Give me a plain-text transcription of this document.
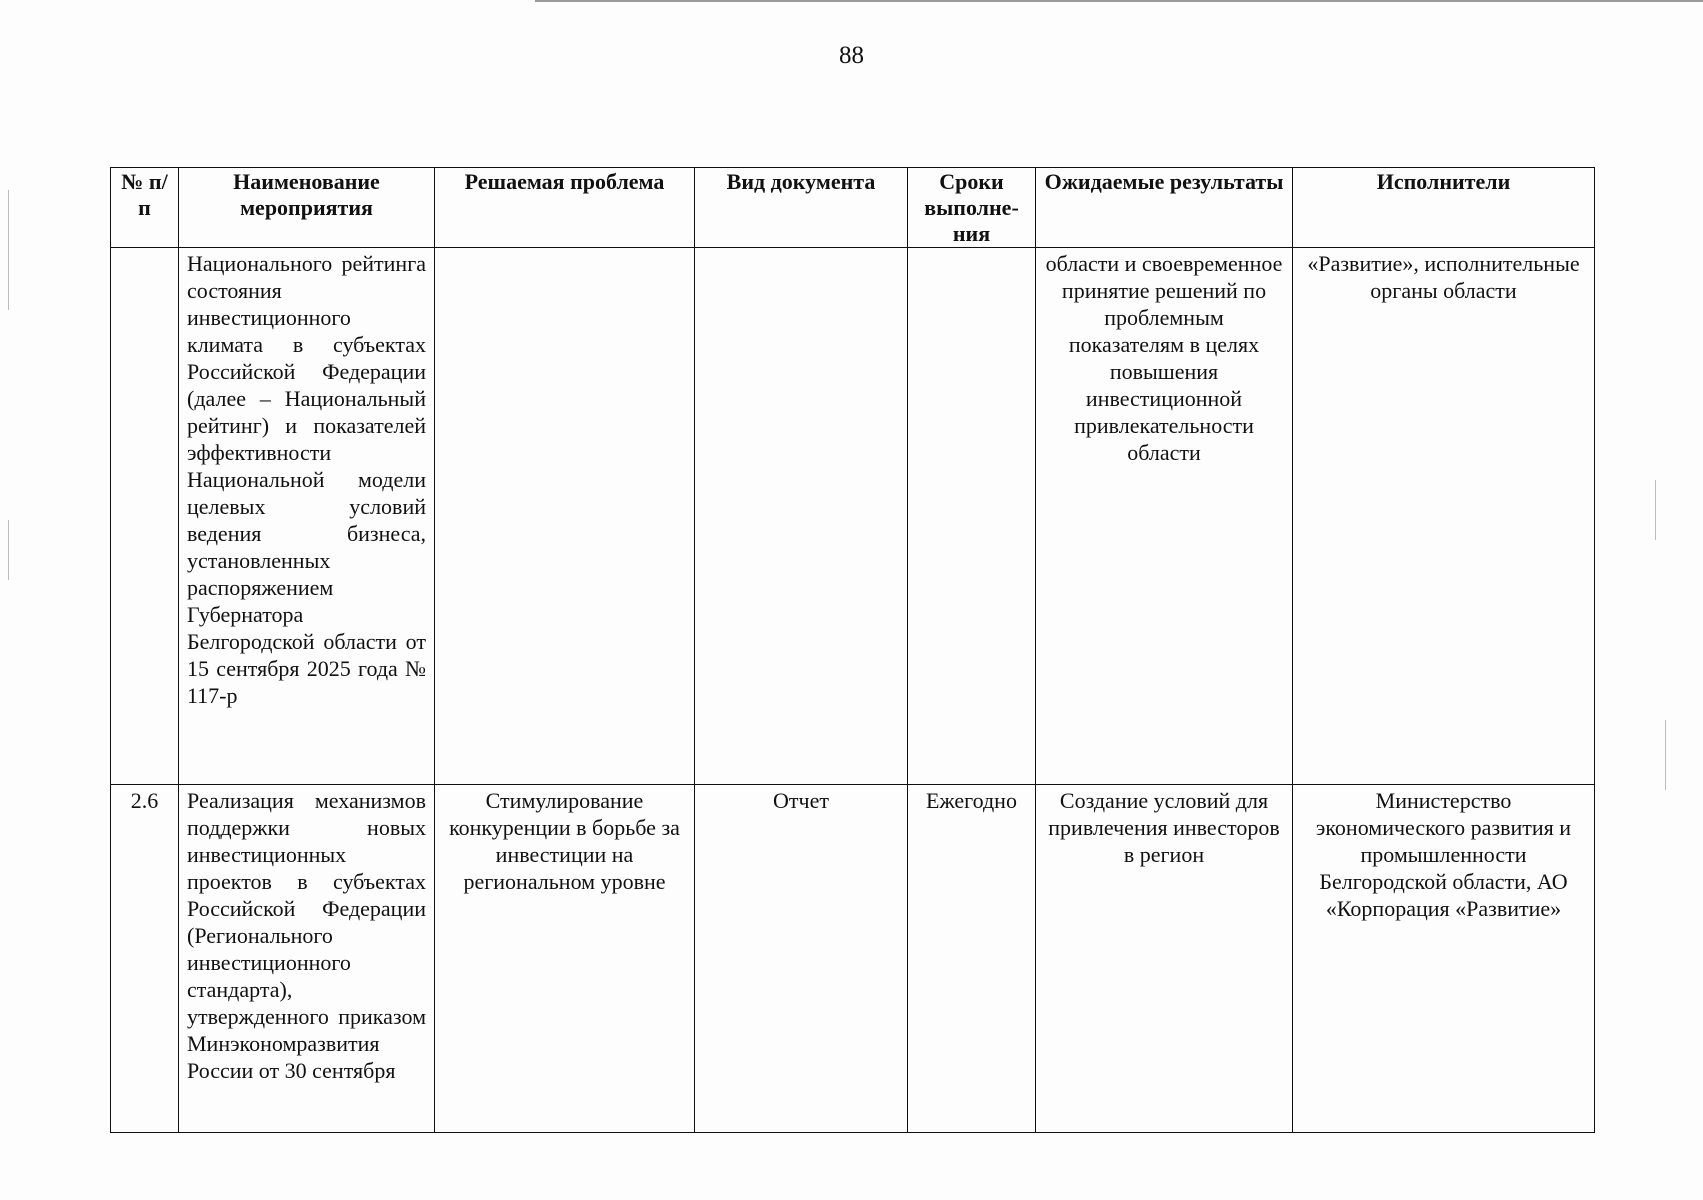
88
№ п/п	Наименование мероприятия	Решаемая проблема	Вид документа	Сроки выполне-ния	Ожидаемые результаты	Исполнители
	Национального рейтинга состояния инвестиционного климата в субъектах Российской Федерации (далее – Национальный рейтинг) и показателей эффективности Национальной модели целевых условий ведения бизнеса, установленных распоряжением Губернатора Белгородской области от 15 сентября 2025 года № 117-р				области и своевременное принятие решений по проблемным показателям в целях повышения инвестиционной привлекательности области	«Развитие», исполнительные органы области
2.6	Реализация механизмов поддержки новых инвестиционных проектов в субъектах Российской Федерации (Регионального инвестиционного стандарта), утвержденного приказом Минэкономразвития России от 30 сентября	Стимулирование конкуренции в борьбе за инвестиции на региональном уровне	Отчет	Ежегодно	Создание условий для привлечения инвесторов в регион	Министерство экономического развития и промышленности Белгородской области, АО «Корпорация «Развитие»
